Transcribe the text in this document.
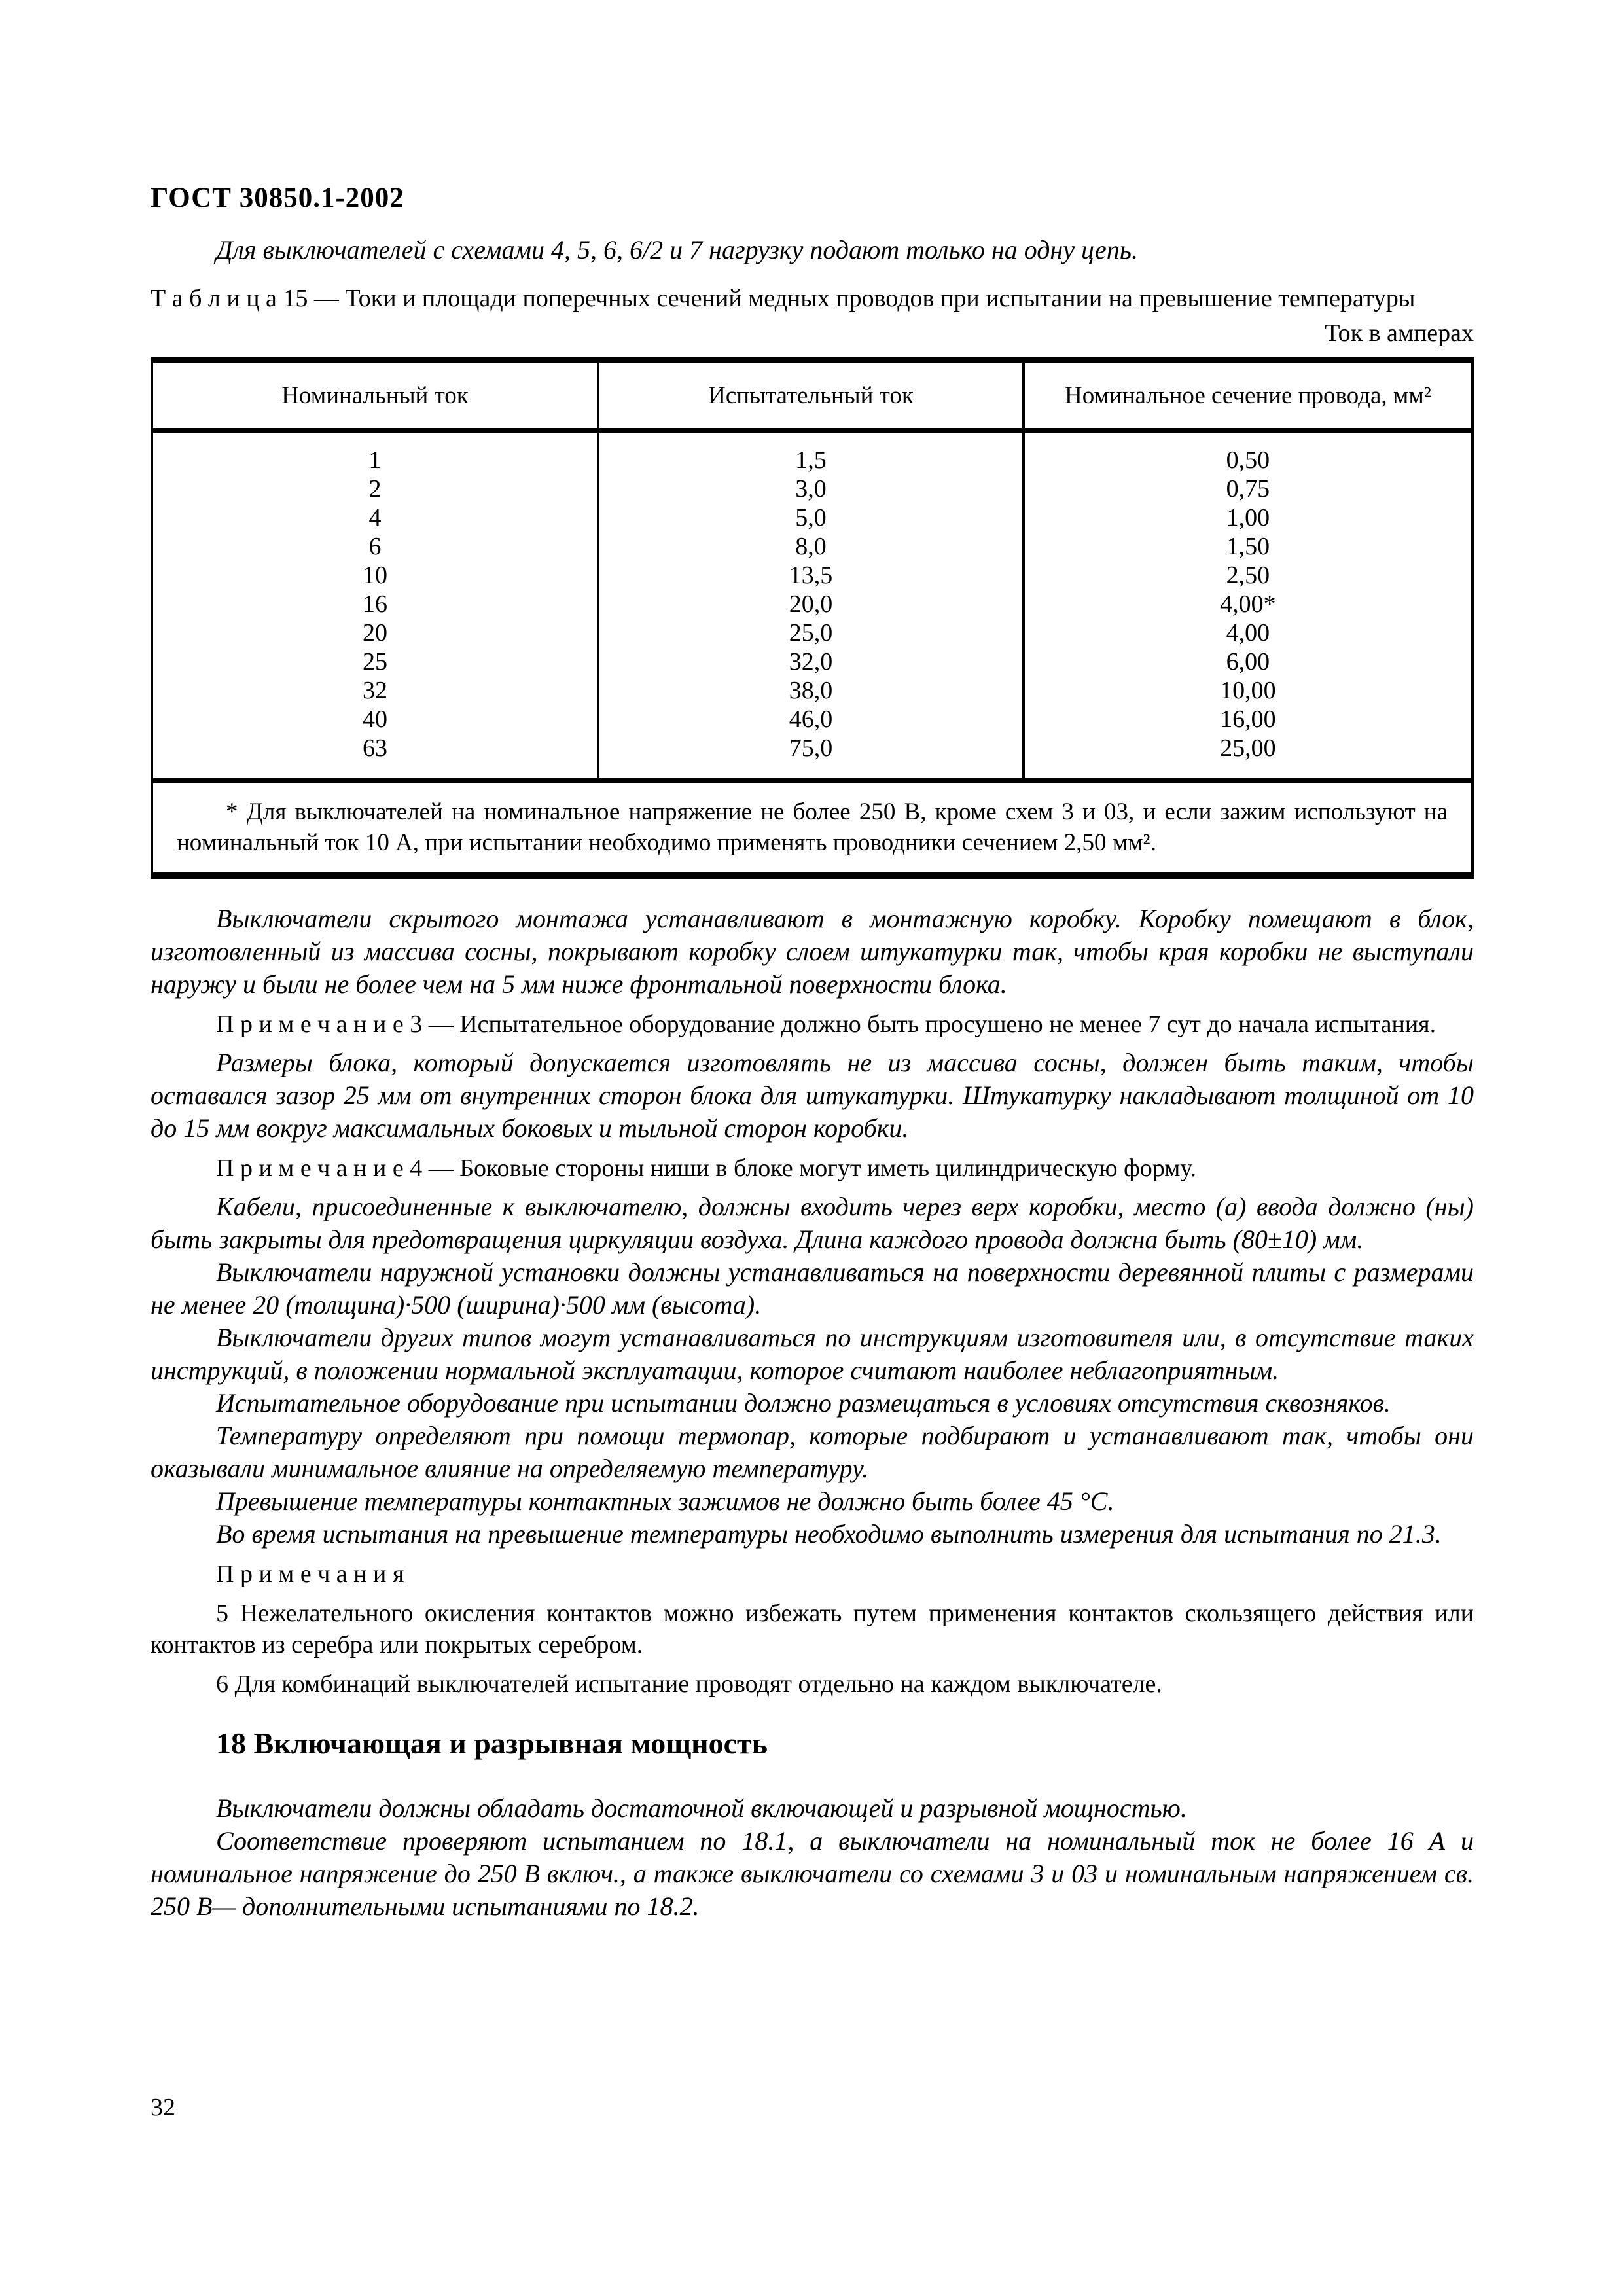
ГОСТ 30850.1-2002

Для выключателей с схемами 4, 5, 6, 6/2 и 7 нагрузку подают только на одну цепь.

Т а б л и ц а 15 — Токи и площади поперечных сечений медных проводов при испытании на превышение температуры

Ток в амперах

Номинальный ток	Испытательный ток	Номинальное сечение провода, мм²
1	1,5	0,50
2	3,0	0,75
4	5,0	1,00
6	8,0	1,50
10	13,5	2,50
16	20,0	4,00*
20	25,0	4,00
25	32,0	6,00
32	38,0	10,00
40	46,0	16,00
63	75,0	25,00
* Для выключателей на номинальное напряжение не более 250 В, кроме схем 3 и 03, и если зажим используют на номинальный ток 10 А, при испытании необходимо применять проводники сечением 2,50 мм².		

Выключатели скрытого монтажа устанавливают в монтажную коробку. Коробку помещают в блок, изготовленный из массива сосны, покрывают коробку слоем штукатурки так, чтобы края коробки не выступали наружу и были не более чем на 5 мм ниже фронтальной поверхности блока.

П р и м е ч а н и е 3 — Испытательное оборудование должно быть просушено не менее 7 сут до начала испытания.

Размеры блока, который допускается изготовлять не из массива сосны, должен быть таким, чтобы оставался зазор 25 мм от внутренних сторон блока для штукатурки. Штукатурку накладывают толщиной от 10 до 15 мм вокруг максимальных боковых и тыльной сторон коробки.

П р и м е ч а н и е 4 — Боковые стороны ниши в блоке могут иметь цилиндрическую форму.

Кабели, присоединенные к выключателю, должны входить через верх коробки, место (а) ввода должно (ны) быть закрыты для предотвращения циркуляции воздуха. Длина каждого провода должна быть (80±10) мм.

Выключатели наружной установки должны устанавливаться на поверхности деревянной плиты с размерами не менее 20 (толщина)·500 (ширина)·500 мм (высота).

Выключатели других типов могут устанавливаться по инструкциям изготовителя или, в отсутствие таких инструкций, в положении нормальной эксплуатации, которое считают наиболее неблагоприятным.

Испытательное оборудование при испытании должно размещаться в условиях отсутствия сквозняков.

Температуру определяют при помощи термопар, которые подбирают и устанавливают так, чтобы они оказывали минимальное влияние на определяемую температуру.

Превышение температуры контактных зажимов не должно быть более 45 °С.

Во время испытания на превышение температуры необходимо выполнить измерения для испытания по 21.3.

П р и м е ч а н и я

5 Нежелательного окисления контактов можно избежать путем применения контактов скользящего действия или контактов из серебра или покрытых серебром.

6 Для комбинаций выключателей испытание проводят отдельно на каждом выключателе.

18 Включающая и разрывная мощность

Выключатели должны обладать достаточной включающей и разрывной мощностью.

Соответствие проверяют испытанием по 18.1, а выключатели на номинальный ток не более 16 А и номинальное напряжение до 250 В включ., а также выключатели со схемами 3 и 03 и номинальным напряжением св. 250 В— дополнительными испытаниями по 18.2.

32
